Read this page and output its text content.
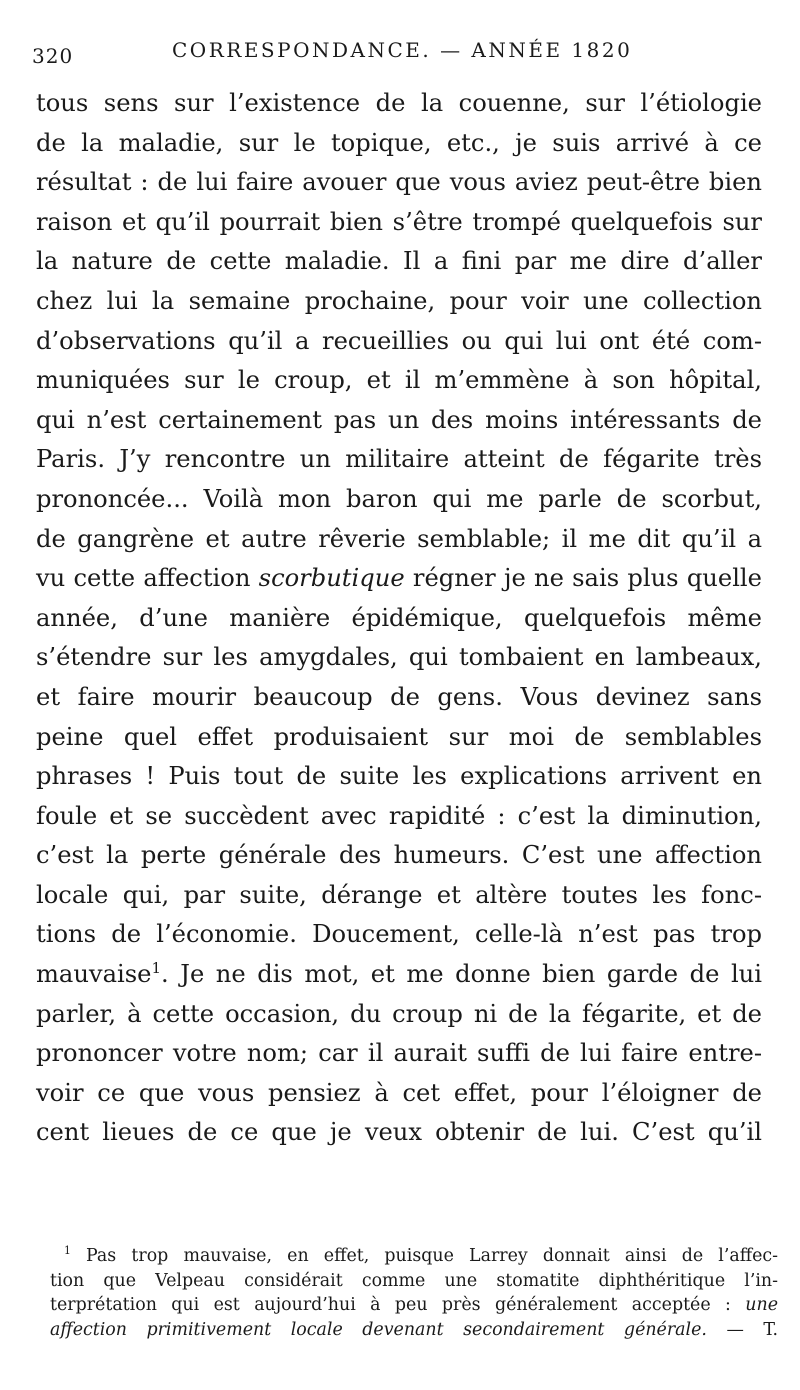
320	CORRESPONDANCE. — ANNÉE 1820
tous sens sur l’existence de la couenne, sur l’étiologie
de la maladie, sur le topique, etc., je suis arrivé à ce
résultat : de lui faire avouer que vous aviez peut-être bien
raison et qu’il pourrait bien s’être trompé quelquefois sur
la nature de cette maladie. Il a fini par me dire d’aller
chez lui la semaine prochaine, pour voir une collection
d’observations qu’il a recueillies ou qui lui ont été com-
muniquées sur le croup, et il m’emmène à son hôpital,
qui n’est certainement pas un des moins intéressants de
Paris. J’y rencontre un militaire atteint de fégarite très
prononcée... Voilà mon baron qui me parle de scorbut,
de gangrène et autre rêverie semblable; il me dit qu’il a
vu cette affection scorbutique régner je ne sais plus quelle
année, d’une manière épidémique, quelquefois même
s’étendre sur les amygdales, qui tombaient en lambeaux,
et faire mourir beaucoup de gens. Vous devinez sans
peine quel effet produisaient sur moi de semblables
phrases ! Puis tout de suite les explications arrivent en
foule et se succèdent avec rapidité : c’est la diminution,
c’est la perte générale des humeurs. C’est une affection
locale qui, par suite, dérange et altère toutes les fonc-
tions de l’économie. Doucement, celle-là n’est pas trop
mauvaise$^1$. Je ne dis mot, et me donne bien garde de lui
parler, à cette occasion, du croup ni de la fégarite, et de
prononcer votre nom; car il aurait suffi de lui faire entre-
voir ce que vous pensiez à cet effet, pour l’éloigner de
cent lieues de ce que je veux obtenir de lui. C’est qu’il
$^1$ Pas trop mauvaise, en effet, puisque Larrey donnait ainsi de l’affec-
tion que Velpeau considérait comme une stomatite diphthéritique l’in-
terprétation qui est aujourd’hui à peu près généralement acceptée : une
affection primitivement locale devenant secondairement générale. — T.
